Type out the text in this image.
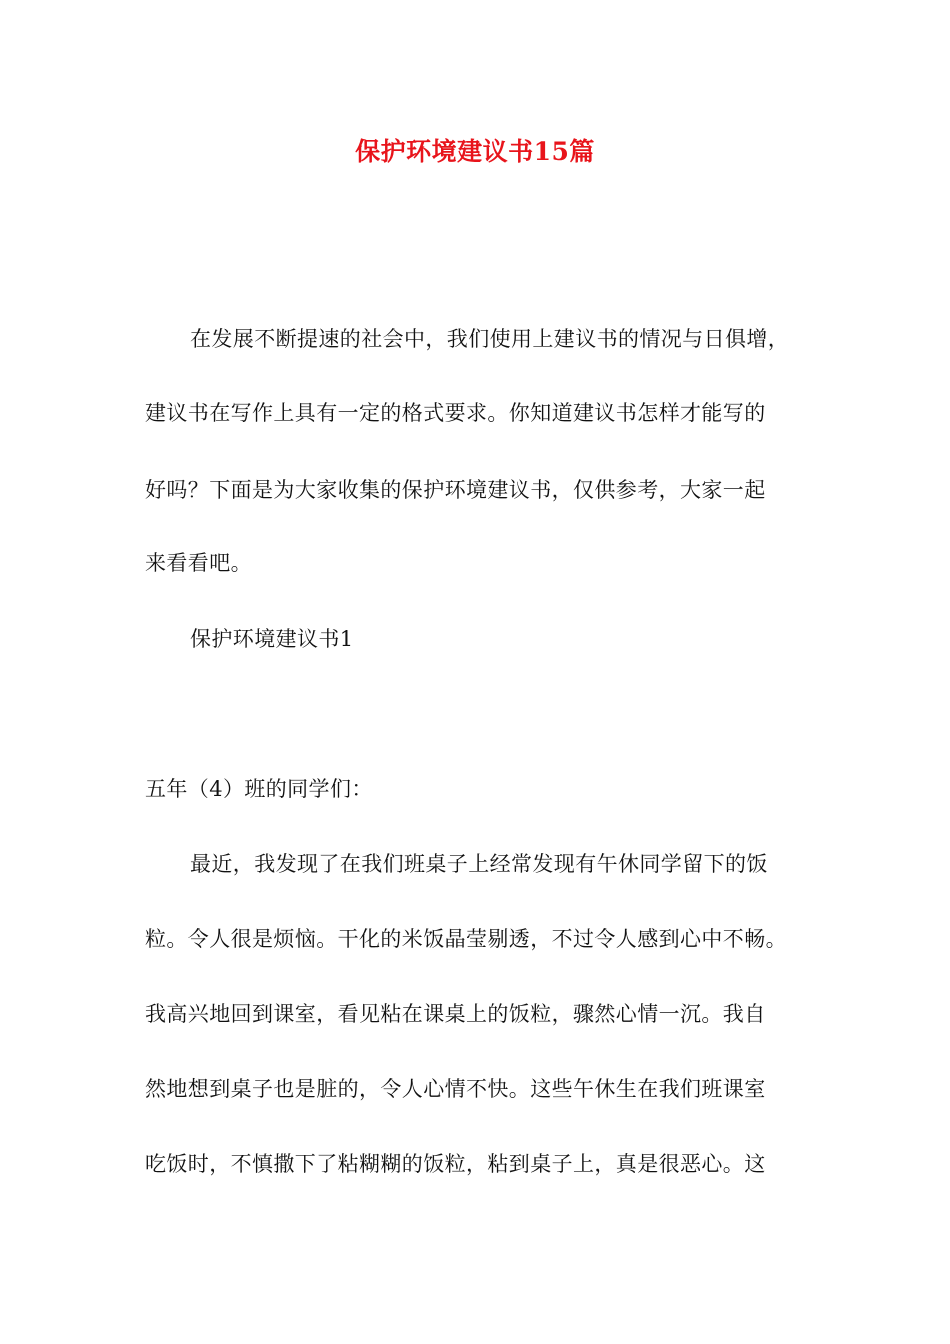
保护环境建议书15篇
在发展不断提速的社会中，我们使用上建议书的情况与日俱增，
建议书在写作上具有一定的格式要求。你知道建议书怎样才能写的
好吗？下面是为大家收集的保护环境建议书，仅供参考，大家一起
来看看吧。
保护环境建议书1
五年（4）班的同学们：
最近，我发现了在我们班桌子上经常发现有午休同学留下的饭
粒。令人很是烦恼。干化的米饭晶莹剔透，不过令人感到心中不畅。
我高兴地回到课室，看见粘在课桌上的饭粒，骤然心情一沉。我自
然地想到桌子也是脏的，令人心情不快。这些午休生在我们班课室
吃饭时，不慎撒下了粘糊糊的饭粒，粘到桌子上，真是很恶心。这
